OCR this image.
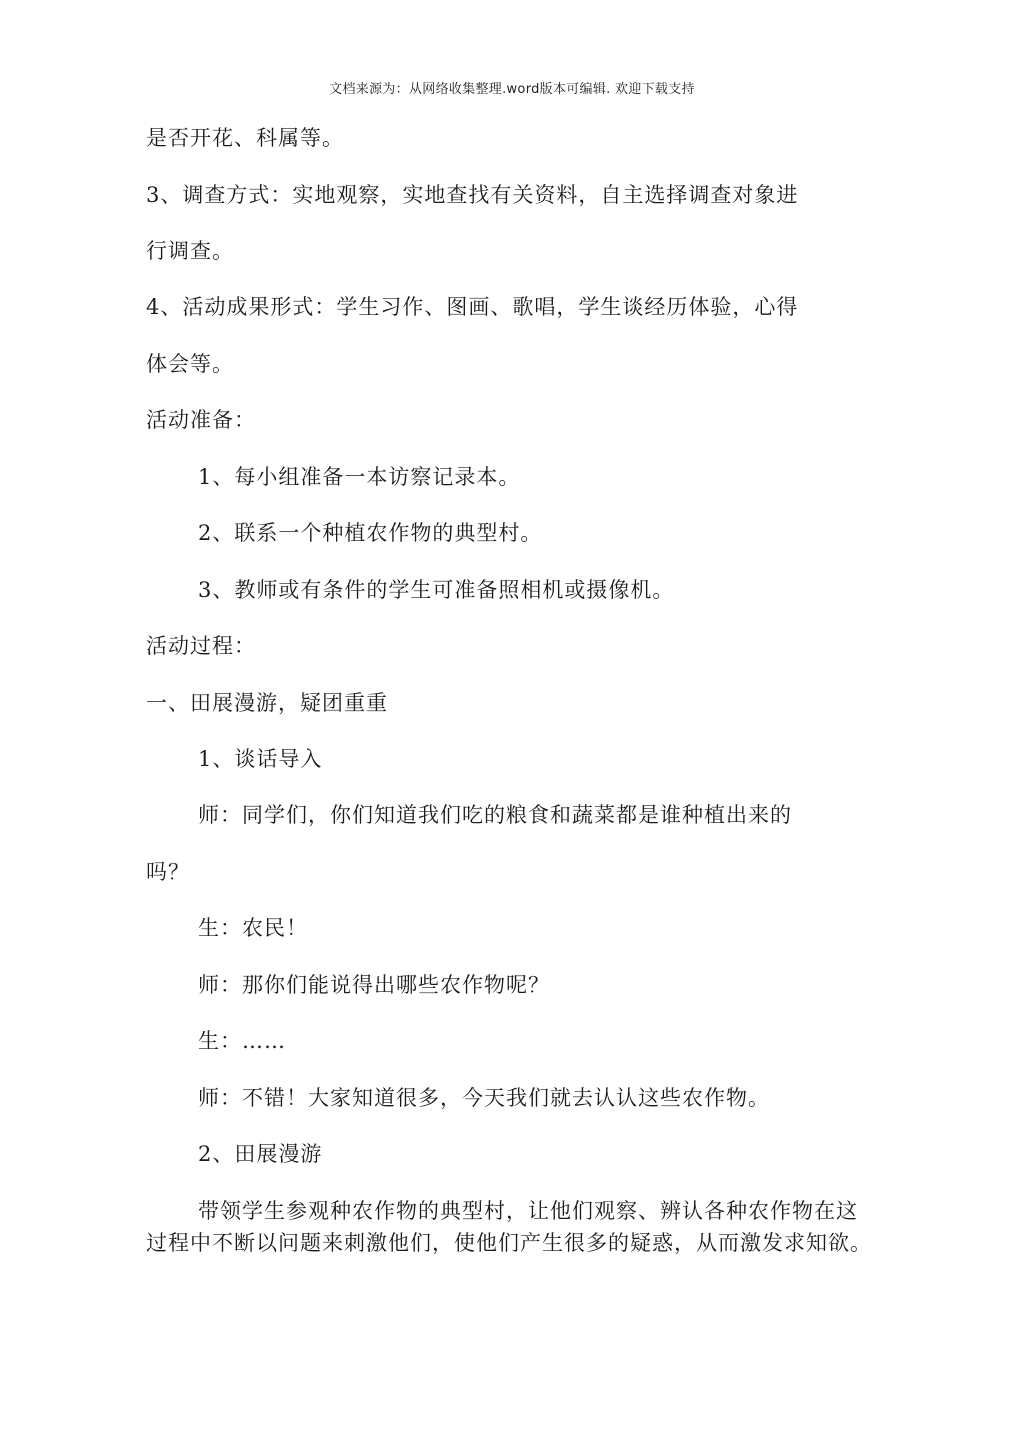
文档来源为：从网络收集整理.word版本可编辑. 欢迎下载支持
是否开花、科属等。
3、调查方式：实地观察，实地查找有关资料，自主选择调查对象进
行调查。
4、活动成果形式：学生习作、图画、歌唱，学生谈经历体验，心得
体会等。
活动准备：
1、每小组准备一本访察记录本。
2、联系一个种植农作物的典型村。
3、教师或有条件的学生可准备照相机或摄像机。
活动过程：
一、田展漫游，疑团重重
1、谈话导入
师：同学们，你们知道我们吃的粮食和蔬菜都是谁种植出来的
吗？
生：农民！
师：那你们能说得出哪些农作物呢？
生：……
师：不错！大家知道很多，今天我们就去认认这些农作物。
2、田展漫游
带领学生参观种农作物的典型村，让他们观察、辨认各种农作物在这
过程中不断以问题来刺激他们，使他们产生很多的疑惑，从而激发求知欲。
